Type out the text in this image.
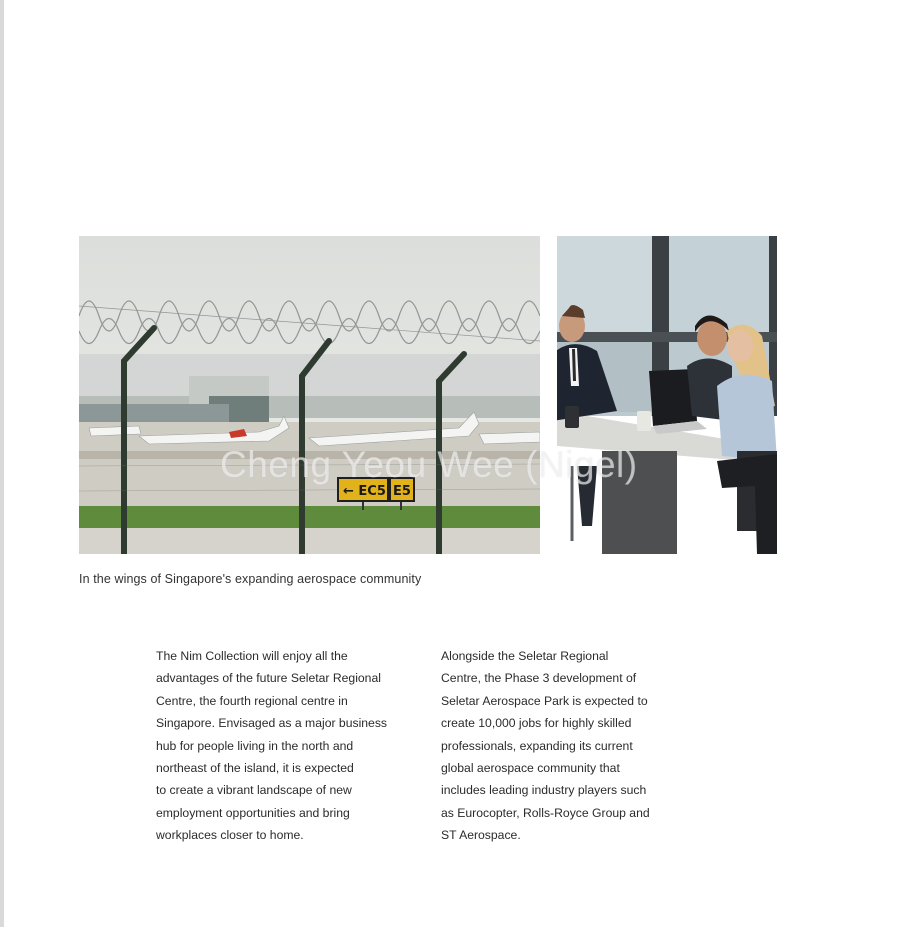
← EC5 E5
Cheng Yeou Wee (Nigel)
In the wings of Singapore's expanding aerospace community

The Nim Collection will enjoy all the
advantages of the future Seletar Regional
Centre, the fourth regional centre in
Singapore. Envisaged as a major business
hub for people living in the north and
northeast of the island, it is expected
to create a vibrant landscape of new
employment opportunities and bring
workplaces closer to home.

Alongside the Seletar Regional
Centre, the Phase 3 development of
Seletar Aerospace Park is expected to
create 10,000 jobs for highly skilled
professionals, expanding its current
global aerospace community that
includes leading industry players such
as Eurocopter, Rolls-Royce Group and
ST Aerospace.
